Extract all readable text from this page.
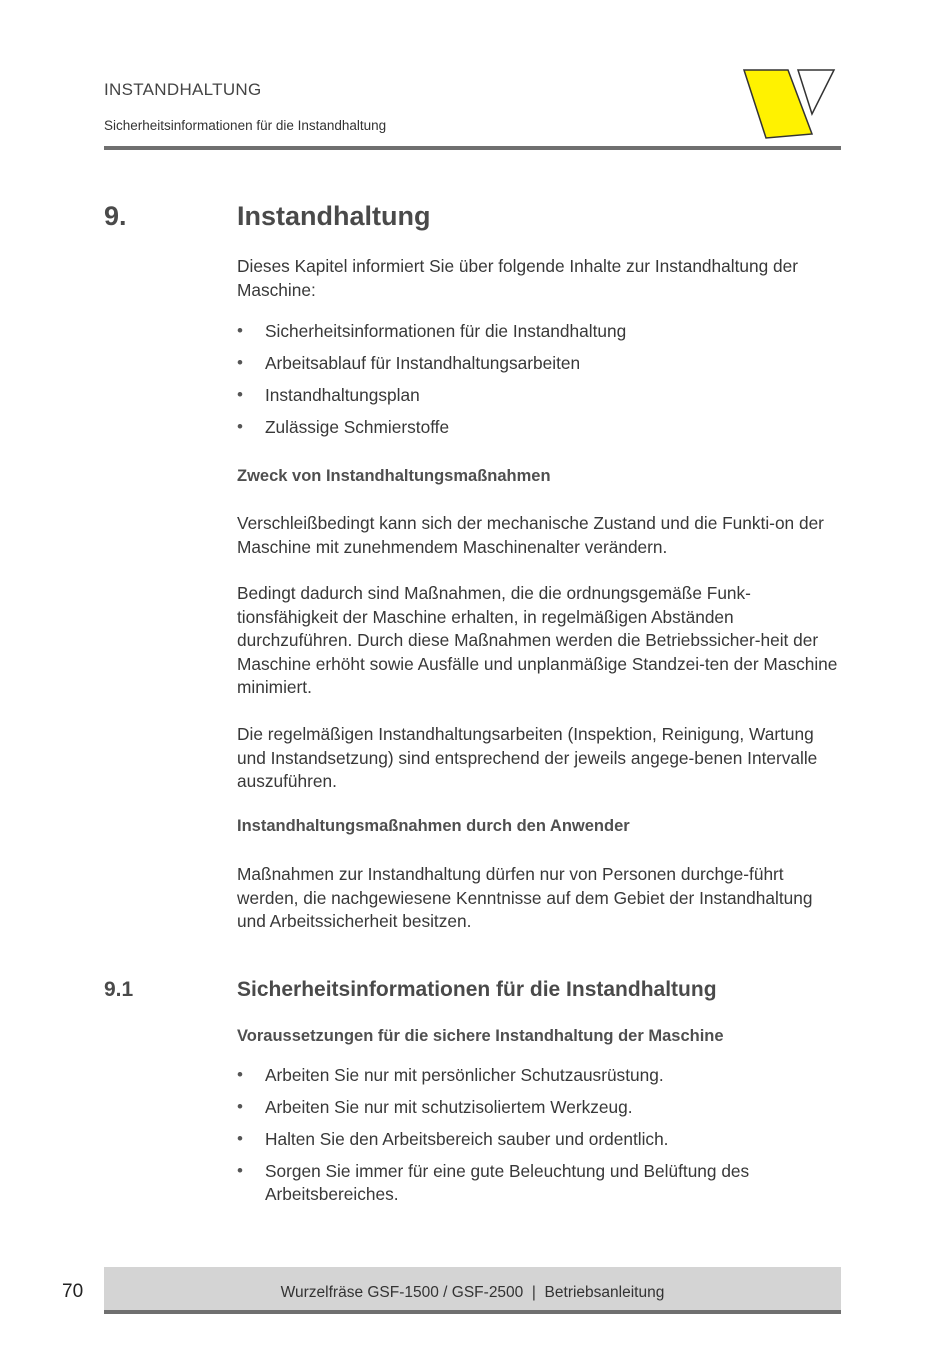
INSTANDHALTUNG
Sicherheitsinformationen für die Instandhaltung
9.	Instandhaltung

Dieses Kapitel informiert Sie über folgende Inhalte zur Instandhaltung der Maschine:

• Sicherheitsinformationen für die Instandhaltung
• Arbeitsablauf für Instandhaltungsarbeiten
• Instandhaltungsplan
• Zulässige Schmierstoffe
Zweck von Instandhaltungsmaßnahmen

Verschleißbedingt kann sich der mechanische Zustand und die Funkti-on der Maschine mit zunehmendem Maschinenalter verändern.

Bedingt dadurch sind Maßnahmen, die die ordnungsgemäße Funk-tionsfähigkeit der Maschine erhalten, in regelmäßigen Abständen durchzuführen. Durch diese Maßnahmen werden die Betriebssicher-heit der Maschine erhöht sowie Ausfälle und unplanmäßige Standzei-ten der Maschine minimiert.

Die regelmäßigen Instandhaltungsarbeiten (Inspektion, Reinigung, Wartung und Instandsetzung) sind entsprechend der jeweils angege-benen Intervalle auszuführen.

Instandhaltungsmaßnahmen durch den Anwender

Maßnahmen zur Instandhaltung dürfen nur von Personen durchge-führt werden, die nachgewiesene Kenntnisse auf dem Gebiet der Instandhaltung und Arbeitssicherheit besitzen.

9.1	Sicherheitsinformationen für die Instandhaltung
Voraussetzungen für die sichere Instandhaltung der Maschine
• Arbeiten Sie nur mit persönlicher Schutzausrüstung.
• Arbeiten Sie nur mit schutzisoliertem Werkzeug.
• Halten Sie den Arbeitsbereich sauber und ordentlich.
• Sorgen Sie immer für eine gute Beleuchtung und Belüftung des Arbeitsbereiches.
70	Wurzelfräse GSF-1500 / GSF-2500  |  Betriebsanleitung
